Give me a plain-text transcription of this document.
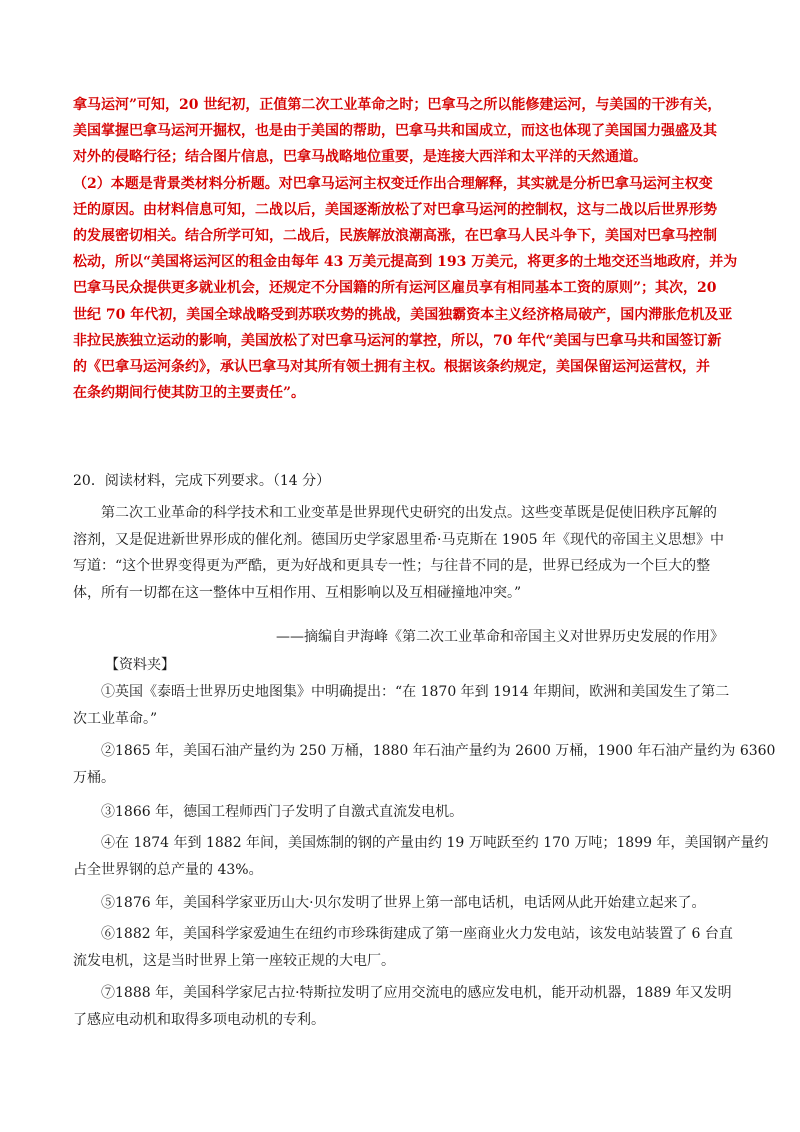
拿马运河”可知，20 世纪初，正值第二次工业革命之时；巴拿马之所以能修建运河，与美国的干涉有关，

美国掌握巴拿马运河开掘权，也是由于美国的帮助，巴拿马共和国成立，而这也体现了美国国力强盛及其

对外的侵略行径；结合图片信息，巴拿马战略地位重要，是连接大西洋和太平洋的天然通道。

（2）本题是背景类材料分析题。对巴拿马运河主权变迁作出合理解释，其实就是分析巴拿马运河主权变

迁的原因。由材料信息可知，二战以后，美国逐渐放松了对巴拿马运河的控制权，这与二战以后世界形势

的发展密切相关。结合所学可知，二战后，民族解放浪潮高涨，在巴拿马人民斗争下，美国对巴拿马控制

松动，所以“美国将运河区的租金由每年 43 万美元提高到 193 万美元，将更多的土地交还当地政府，并为

巴拿马民众提供更多就业机会，还规定不分国籍的所有运河区雇员享有相同基本工资的原则”；其次，20

世纪 70 年代初，美国全球战略受到苏联攻势的挑战，美国独霸资本主义经济格局破产，国内滞胀危机及亚

非拉民族独立运动的影响，美国放松了对巴拿马运河的掌控，所以，70 年代“美国与巴拿马共和国签订新

的《巴拿马运河条约》，承认巴拿马对其所有领土拥有主权。根据该条约规定，美国保留运河运营权，并

在条约期间行使其防卫的主要责任”。

20．阅读材料，完成下列要求。（14 分）

第二次工业革命的科学技术和工业变革是世界现代史研究的出发点。这些变革既是促使旧秩序瓦解的

溶剂，又是促进新世界形成的催化剂。德国历史学家恩里希·马克斯在 1905 年《现代的帝国主义思想》中

写道：“这个世界变得更为严酷，更为好战和更具专一性；与往昔不同的是，世界已经成为一个巨大的整

体，所有一切都在这一整体中互相作用、互相影响以及互相碰撞地冲突。”

——摘编自尹海峰《第二次工业革命和帝国主义对世界历史发展的作用》
【资料夹】

①英国《泰晤士世界历史地图集》中明确提出：“在 1870 年到 1914 年期间，欧洲和美国发生了第二

次工业革命。”

②1865 年，美国石油产量约为 250 万桶，1880 年石油产量约为 2600 万桶，1900 年石油产量约为 6360

万桶。

③1866 年，德国工程师西门子发明了自激式直流发电机。

④在 1874 年到 1882 年间，美国炼制的钢的产量由约 19 万吨跃至约 170 万吨；1899 年，美国钢产量约

占全世界钢的总产量的 43%。

⑤1876 年，美国科学家亚历山大·贝尔发明了世界上第一部电话机，电话网从此开始建立起来了。

⑥1882 年，美国科学家爱迪生在纽约市珍珠街建成了第一座商业火力发电站，该发电站装置了 6 台直

流发电机，这是当时世界上第一座较正规的大电厂。

⑦1888 年，美国科学家尼古拉·特斯拉发明了应用交流电的感应发电机，能开动机器，1889 年又发明

了感应电动机和取得多项电动机的专利。
